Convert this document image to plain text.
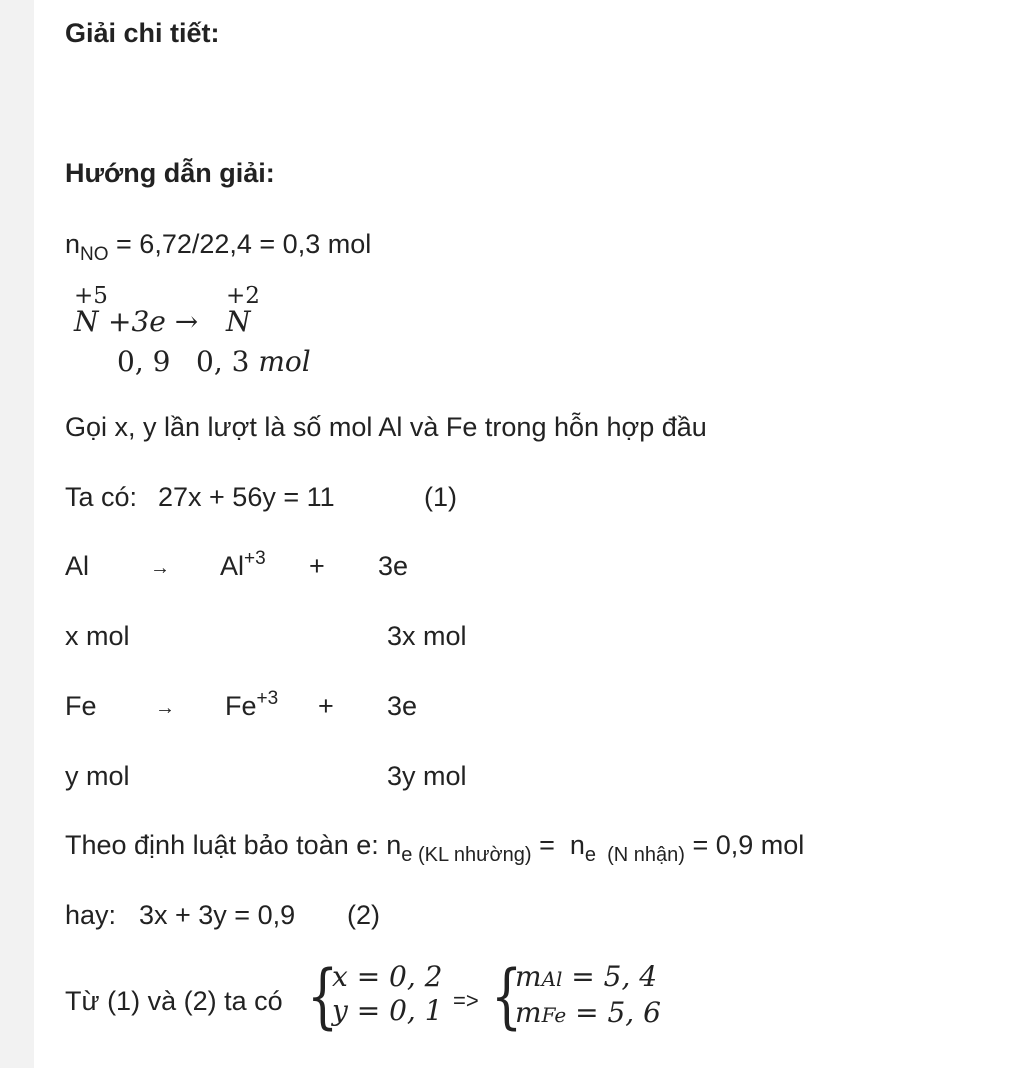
Giải chi tiết:
Hướng dẫn giải:
$n_{NO} = 6,72/22,4 = 0,3$ mol
+5	+2
N +3e → N
0, 9 0, 3 mol
Gọi x, y lần lượt là số mol Al và Fe trong hỗn hợp đầu
Ta có: 27x + 56y = 11	(1)
Al	→ $Al^{+3} + 3e$
x mol	3x mol
Fe	→ $Fe^{+3} + 3e$
y mol	3y mol
Theo định luật bảo toàn e: $n_{e (KL nhường)} = n_{e (N nhận)} = 0,9$ mol
hay: 3x + 3y = 0,9 (2)
Từ (1) và (2) ta có {
x = 0, 2
y = 0, 1 => {
mAl = 5, 4
mFe = 5, 6
